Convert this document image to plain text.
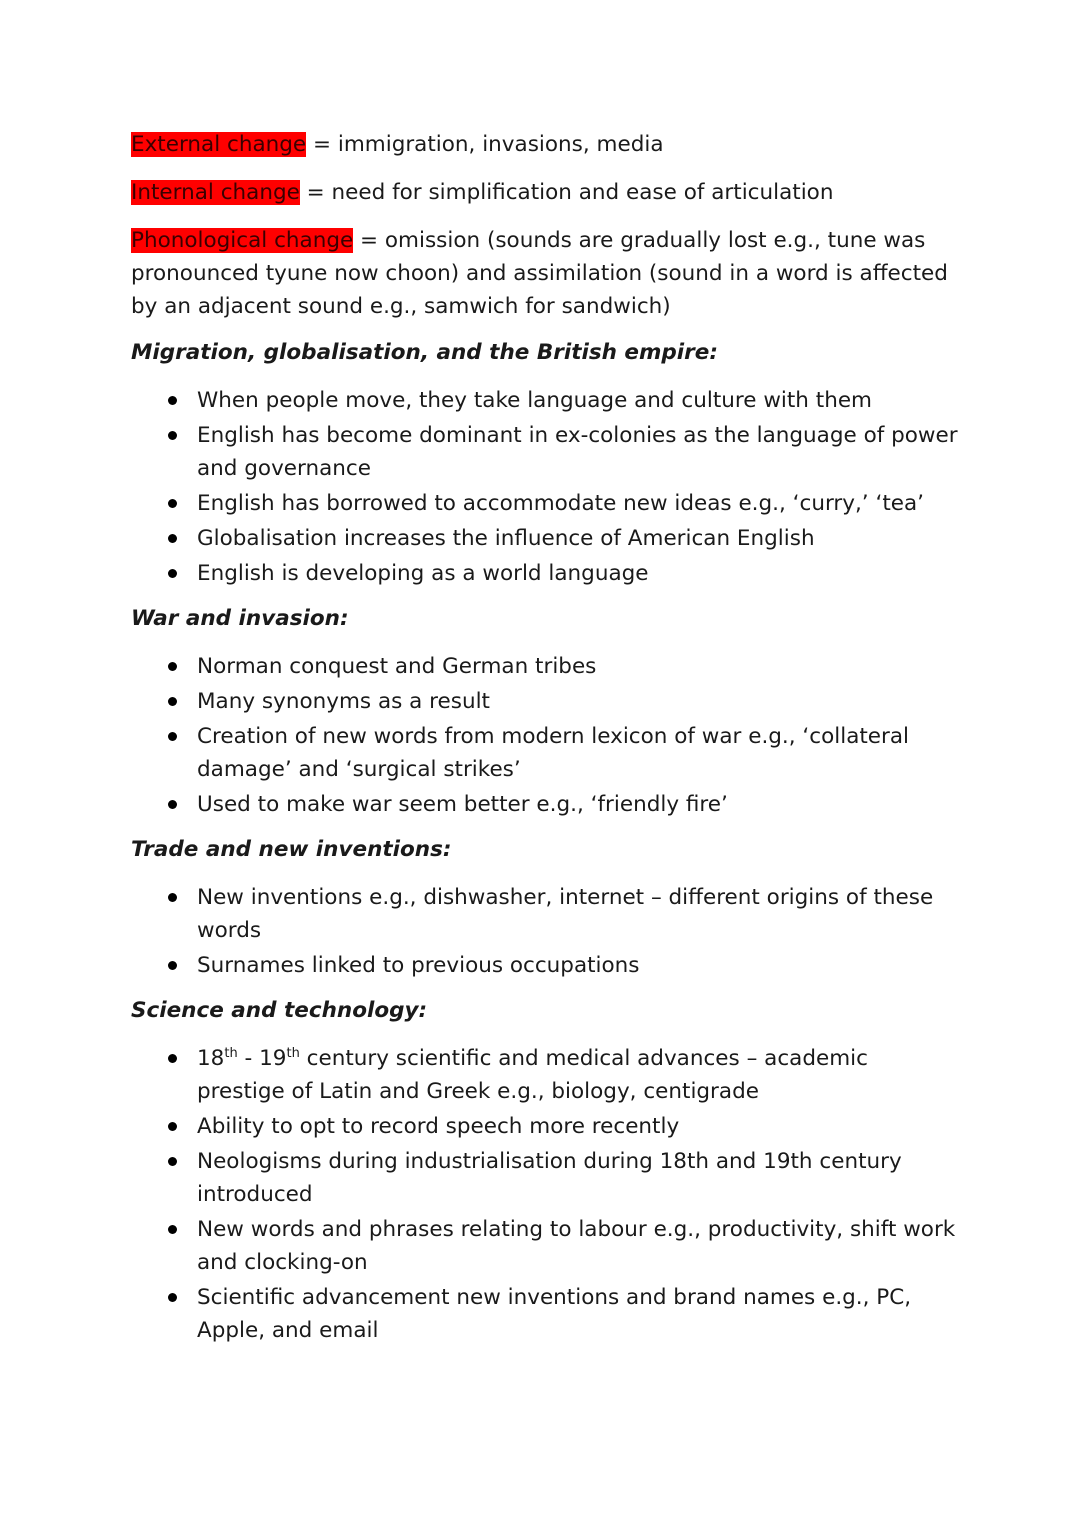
External change = immigration, invasions, media

Internal change = need for simplification and ease of articulation

Phonological change = omission (sounds are gradually lost e.g., tune was pronounced tyune now choon) and assimilation (sound in a word is affected by an adjacent sound e.g., samwich for sandwich)

Migration, globalisation, and the British empire:
When people move, they take language and culture with them
English has become dominant in ex-colonies as the language of power and governance
English has borrowed to accommodate new ideas e.g., ‘curry,’ ‘tea’
Globalisation increases the influence of American English
English is developing as a world language
War and invasion:
Norman conquest and German tribes
Many synonyms as a result
Creation of new words from modern lexicon of war e.g., ‘collateral damage’ and ‘surgical strikes’
Used to make war seem better e.g., ‘friendly fire’
Trade and new inventions:
New inventions e.g., dishwasher, internet – different origins of these words
Surnames linked to previous occupations
Science and technology:
18th - 19th century scientific and medical advances – academic prestige of Latin and Greek e.g., biology, centigrade
Ability to opt to record speech more recently
Neologisms during industrialisation during 18th and 19th century introduced
New words and phrases relating to labour e.g., productivity, shift work and clocking-on
Scientific advancement new inventions and brand names e.g., PC, Apple, and email
